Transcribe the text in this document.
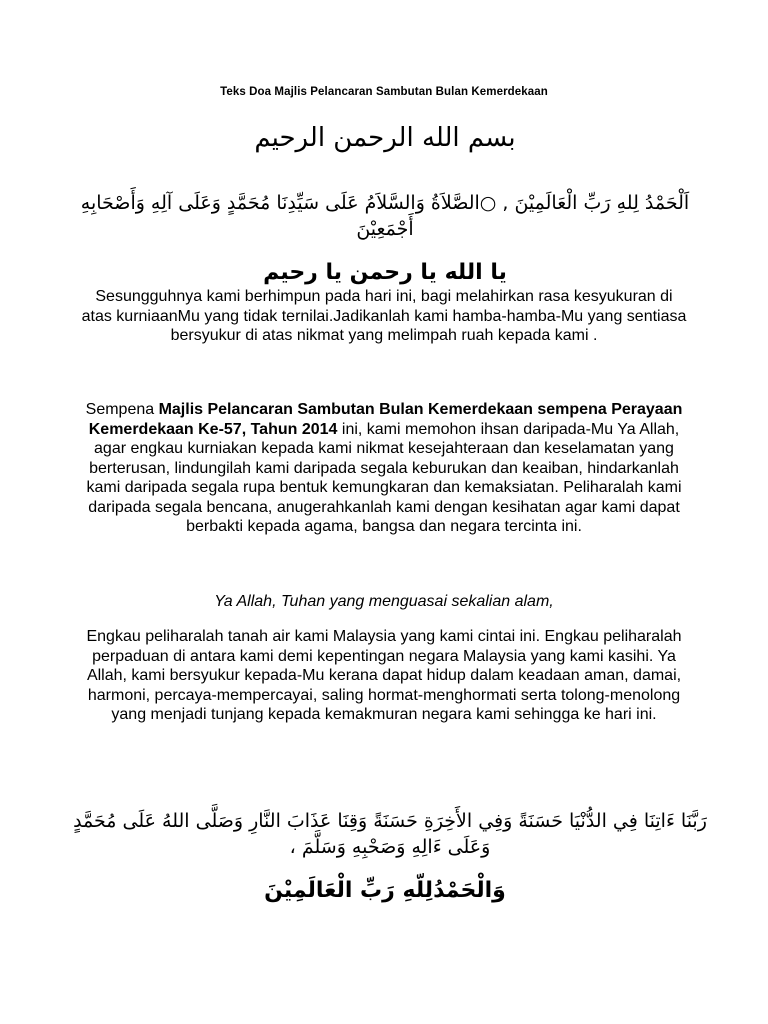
Teks Doa Majlis Pelancaran Sambutan Bulan Kemerdekaan
بسم الله الرحمن الرحيم
اَلْحَمْدُ لِلهِ رَبِّ الْعَالَمِيْنَ , ○الصَّلاَةُ وَالسَّلاَمُ عَلَى سَيِّدِنَا مُحَمَّدٍ وَعَلَى آلِهِ وَأَصْحَابِهِ أَجْمَعِيْنَ
يا الله يا رحمن يا رحيم
Sesungguhnya kami berhimpun pada hari ini, bagi melahirkan rasa kesyukuran di atas kurniaanMu yang tidak ternilai.Jadikanlah kami hamba-hamba-Mu yang sentiasa bersyukur di atas nikmat yang melimpah ruah kepada kami .
Sempena Majlis Pelancaran Sambutan Bulan Kemerdekaan sempena Perayaan Kemerdekaan Ke-57, Tahun 2014 ini, kami memohon ihsan daripada-Mu Ya Allah, agar engkau kurniakan kepada kami nikmat kesejahteraan dan keselamatan yang berterusan, lindungilah kami daripada segala keburukan dan keaiban, hindarkanlah kami daripada segala rupa bentuk kemungkaran dan kemaksiatan. Peliharalah kami daripada segala bencana, anugerahkanlah kami dengan kesihatan agar kami dapat berbakti kepada agama, bangsa dan negara tercinta ini.
Ya Allah, Tuhan yang menguasai sekalian alam,
Engkau peliharalah tanah air kami Malaysia yang kami cintai ini. Engkau peliharalah perpaduan di antara kami demi kepentingan negara Malaysia yang kami kasihi. Ya Allah, kami bersyukur kepada-Mu kerana dapat hidup dalam keadaan aman, damai, harmoni, percaya-mempercayai, saling hormat-menghormati serta tolong-menolong yang menjadi tunjang kepada kemakmuran negara kami sehingga ke hari ini.
رَبَّنَا ءَاتِنَا فِي الدُّنْيَا حَسَنَةً وَفِي الأَخِرَةِ حَسَنَةً وَقِنَا عَذَابَ النَّارِ وَصَلَّى اللهُ عَلَى مُحَمَّدٍ وَعَلَى ءَالِهِ وَصَحْبِهِ وَسَلَّمَ ،
وَالْحَمْدُلِلّهِ رَبِّ الْعَالَمِيْنَ
